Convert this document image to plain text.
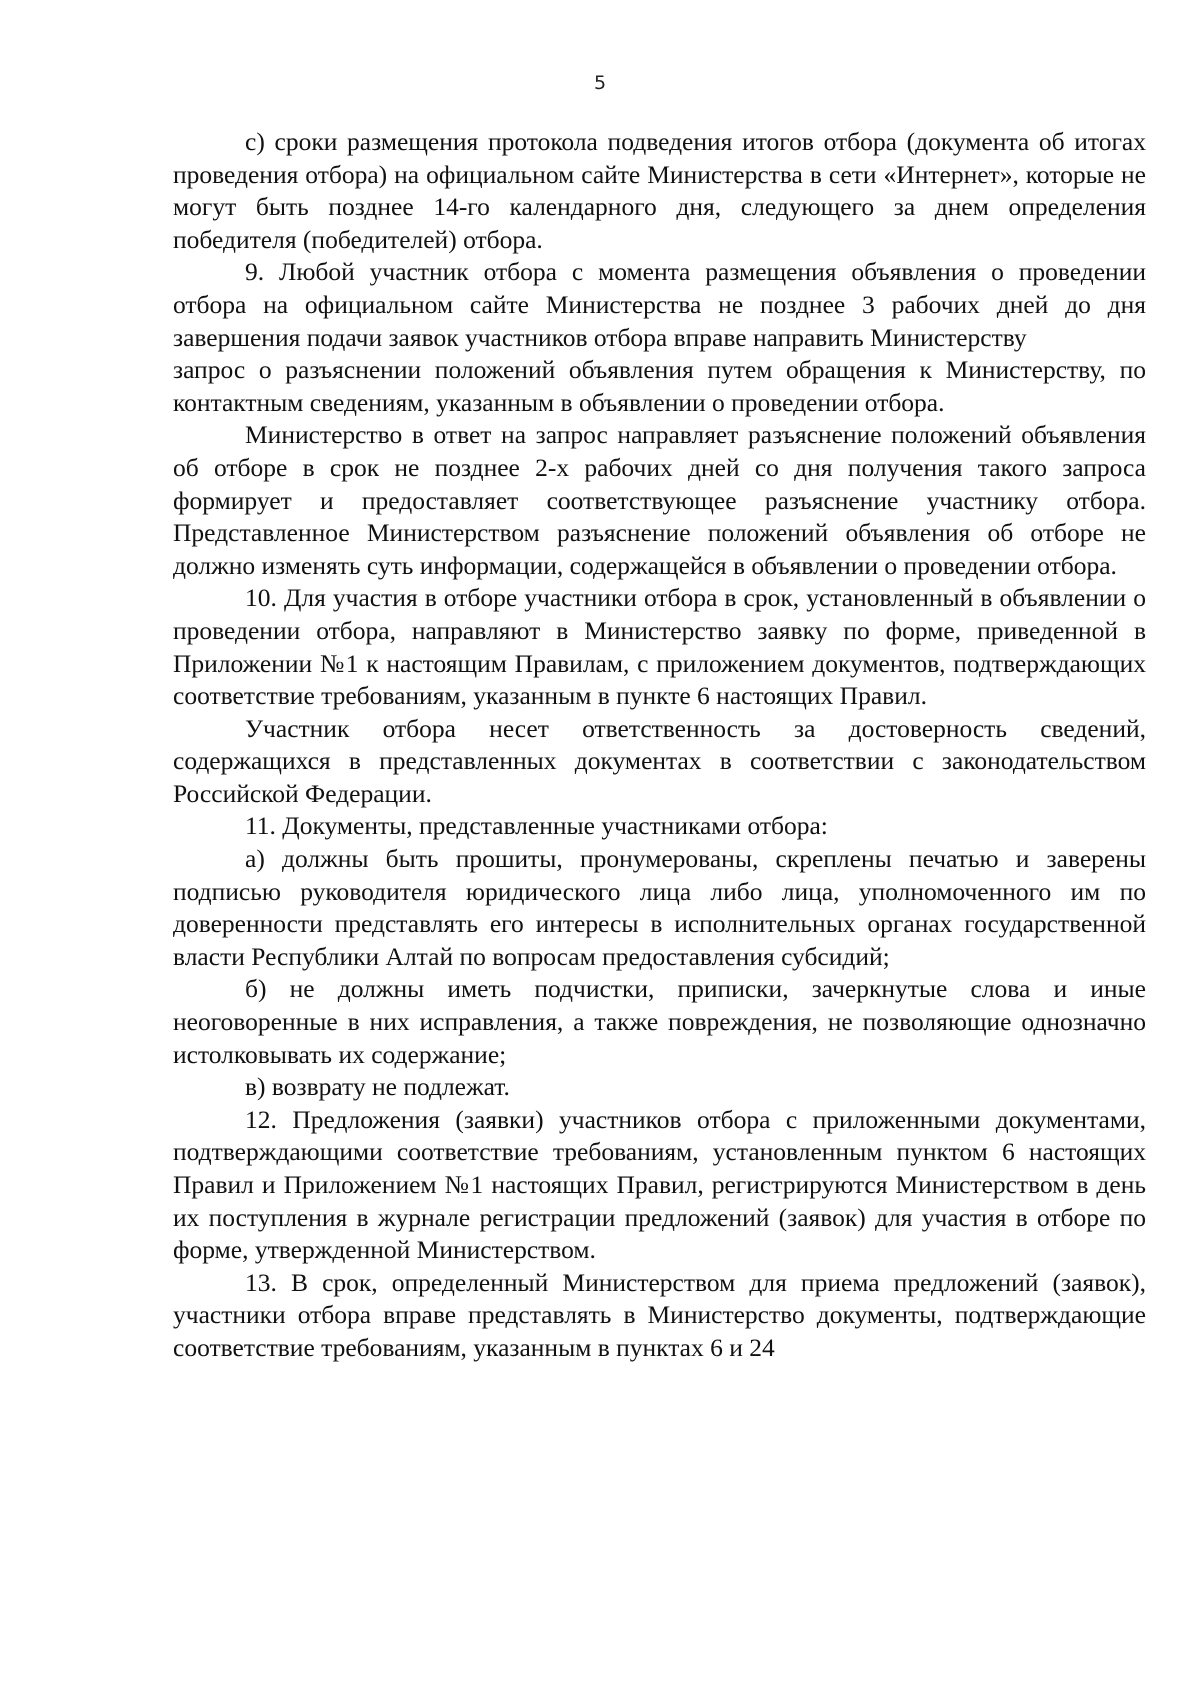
5

с) сроки размещения протокола подведения итогов отбора (документа об итогах проведения отбора) на официальном сайте Министерства в сети «Интернет», которые не могут быть позднее 14-го календарного дня, следующего за днем определения победителя (победителей) отбора.

9. Любой участник отбора с момента размещения объявления о проведении отбора на официальном сайте Министерства не позднее 3 рабочих дней до дня завершения подачи заявок участников отбора вправе направить Министерству

запрос о разъяснении положений объявления путем обращения к Министерству, по контактным сведениям, указанным в объявлении о проведении отбора.

Министерство в ответ на запрос направляет разъяснение положений объявления об отборе в срок не позднее 2-х рабочих дней со дня получения такого запроса формирует и предоставляет соответствующее разъяснение участнику отбора. Представленное Министерством разъяснение положений объявления об отборе не должно изменять суть информации, содержащейся в объявлении о проведении отбора.

10. Для участия в отборе участники отбора в срок, установленный в объявлении о проведении отбора, направляют в Министерство заявку по форме, приведенной в Приложении №1 к настоящим Правилам, с приложением документов, подтверждающих соответствие требованиям, указанным в пункте 6 настоящих Правил.

Участник отбора несет ответственность за достоверность сведений, содержащихся в представленных документах в соответствии с законодательством Российской Федерации.

11. Документы, представленные участниками отбора:

а) должны быть прошиты, пронумерованы, скреплены печатью и заверены подписью руководителя юридического лица либо лица, уполномоченного им по доверенности представлять его интересы в исполнительных органах государственной власти Республики Алтай по вопросам предоставления субсидий;

б) не должны иметь подчистки, приписки, зачеркнутые слова и иные неоговоренные в них исправления, а также повреждения, не позволяющие однозначно истолковывать их содержание;

в) возврату не подлежат.

12. Предложения (заявки) участников отбора с приложенными документами, подтверждающими соответствие требованиям, установленным пунктом 6 настоящих Правил и Приложением №1 настоящих Правил, регистрируются Министерством в день их поступления в журнале регистрации предложений (заявок) для участия в отборе по форме, утвержденной Министерством.

13. В срок, определенный Министерством для приема предложений (заявок), участники отбора вправе представлять в Министерство документы, подтверждающие соответствие требованиям, указанным в пунктах 6 и 24
